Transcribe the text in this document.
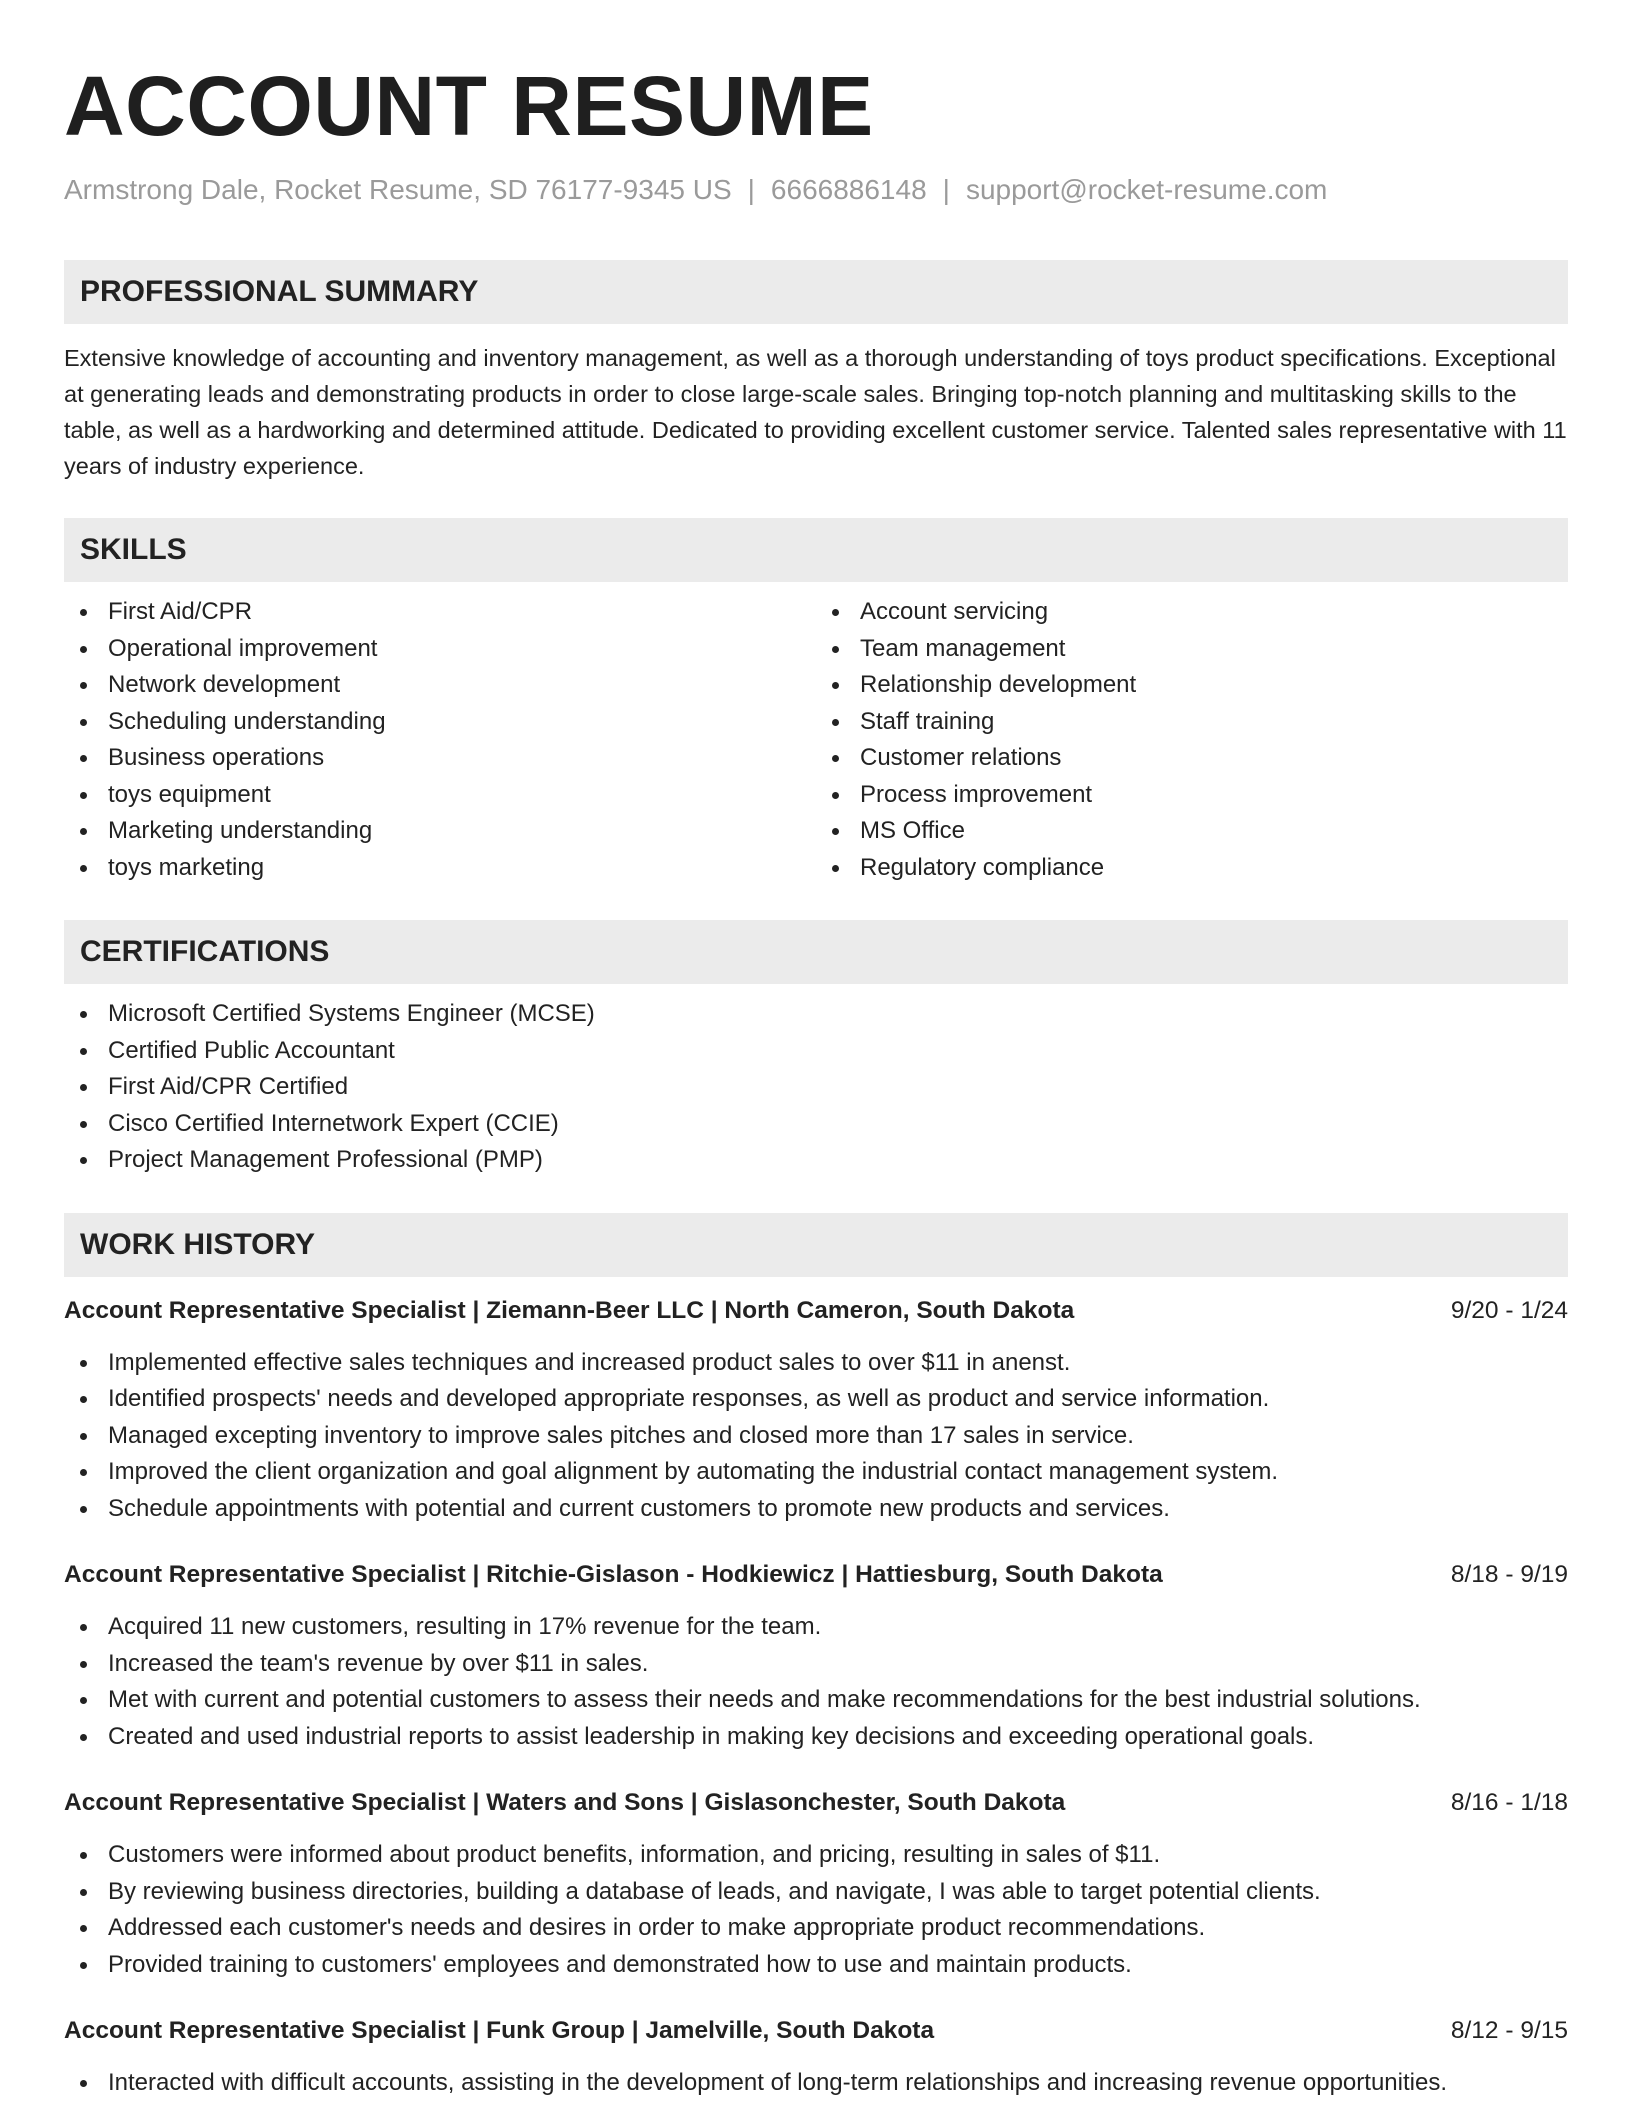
ACCOUNT RESUME
Armstrong Dale, Rocket Resume, SD 76177-9345 US | 6666886148 | support@rocket-resume.com
PROFESSIONAL SUMMARY

Extensive knowledge of accounting and inventory management, as well as a thorough understanding of toys product specifications. Exceptional at generating leads and demonstrating products in order to close large-scale sales. Bringing top-notch planning and multitasking skills to the table, as well as a hardworking and determined attitude. Dedicated to providing excellent customer service. Talented sales representative with 11 years of industry experience.

SKILLS
First Aid/CPR
Operational improvement
Network development
Scheduling understanding
Business operations
toys equipment
Marketing understanding
toys marketing
Account servicing
Team management
Relationship development
Staff training
Customer relations
Process improvement
MS Office
Regulatory compliance
CERTIFICATIONS
Microsoft Certified Systems Engineer (MCSE)
Certified Public Accountant
First Aid/CPR Certified
Cisco Certified Internetwork Expert (CCIE)
Project Management Professional (PMP)
WORK HISTORY
Account Representative Specialist | Ziemann-Beer LLC | North Cameron, South Dakota	9/20 - 1/24
Implemented effective sales techniques and increased product sales to over $11 in anenst.
Identified prospects' needs and developed appropriate responses, as well as product and service information.
Managed excepting inventory to improve sales pitches and closed more than 17 sales in service.
Improved the client organization and goal alignment by automating the industrial contact management system.
Schedule appointments with potential and current customers to promote new products and services.
Account Representative Specialist | Ritchie-Gislason - Hodkiewicz | Hattiesburg, South Dakota	8/18 - 9/19
Acquired 11 new customers, resulting in 17% revenue for the team.
Increased the team's revenue by over $11 in sales.
Met with current and potential customers to assess their needs and make recommendations for the best industrial solutions.
Created and used industrial reports to assist leadership in making key decisions and exceeding operational goals.
Account Representative Specialist | Waters and Sons | Gislasonchester, South Dakota	8/16 - 1/18
Customers were informed about product benefits, information, and pricing, resulting in sales of $11.
By reviewing business directories, building a database of leads, and navigate, I was able to target potential clients.
Addressed each customer's needs and desires in order to make appropriate product recommendations.
Provided training to customers' employees and demonstrated how to use and maintain products.
Account Representative Specialist | Funk Group | Jamelville, South Dakota	8/12 - 9/15
Interacted with difficult accounts, assisting in the development of long-term relationships and increasing revenue opportunities.
